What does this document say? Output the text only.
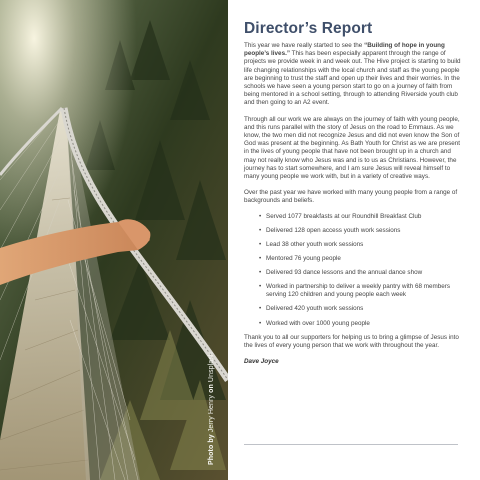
Photo by Jerry Henry on Unsplash
Director’s Report

This year we have really started to see the “Building of hope in young people’s lives.” This has been especially apparent through the range of projects we provide week in and week out. The Hive project is starting to build life changing relationships with the local church and staff as the young people are beginning to trust the staff and open up their lives and their worries. In the schools we have seen a young person start to go on a journey of faith from being mentored in a school setting, through to attending Riverside youth club and then going to an A2 event.

Through all our work we are always on the journey of faith with young people, and this runs parallel with the story of Jesus on the road to Emmaus. As we know, the two men did not recognize Jesus and did not even know the Son of God was present at the beginning. As Bath Youth for Christ as we are present in the lives of young people that have not been brought up in a church and may not really know who Jesus was and is to us as Christians. However, the journey has to start somewhere, and I am sure Jesus will reveal himself to many young people we work with, but in a variety of creative ways.

Over the past year we have worked with many young people from a range of backgrounds and beliefs.

• Served 1077 breakfasts at our Roundhill Breakfast Club
• Delivered 128 open access youth work sessions
• Lead 38 other youth work sessions
• Mentored 76 young people
• Delivered 93 dance lessons and the annual dance show
• Worked in partnership to deliver a weekly pantry with 68 members serving 120 children and young people each week
• Delivered 420 youth work sessions
• Worked with over 1000 young people

Thank you to all our supporters for helping us to bring a glimpse of Jesus into the lives of every young person that we work with throughout the year.

Dave Joyce
